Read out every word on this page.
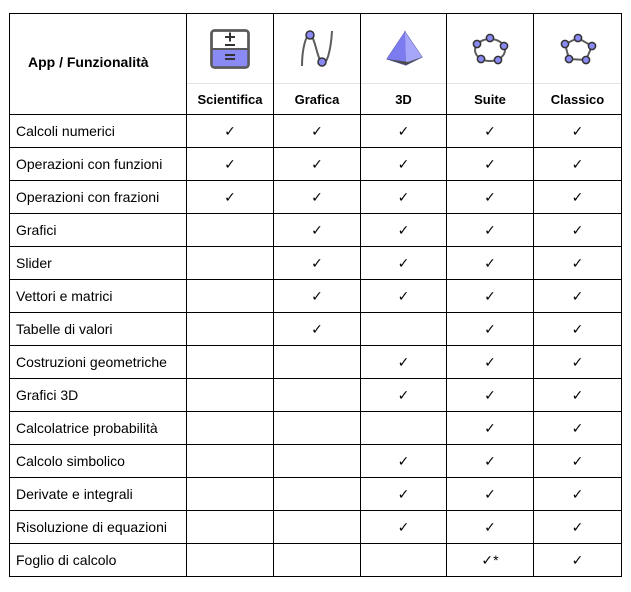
App / Funzionalità	Scientifica	Grafica	3D	Suite	Classico

Calcoli numerici	✓	✓	✓	✓	✓
Operazioni con funzioni	✓	✓	✓	✓	✓
Operazioni con frazioni	✓	✓	✓	✓	✓
Grafici		✓	✓	✓	✓
Slider		✓	✓	✓	✓
Vettori e matrici		✓	✓	✓	✓
Tabelle di valori		✓		✓	✓
Costruzioni geometriche			✓	✓	✓
Grafici 3D			✓	✓	✓
Calcolatrice probabilità				✓	✓
Calcolo simbolico			✓	✓	✓
Derivate e integrali			✓	✓	✓
Risoluzione di equazioni			✓	✓	✓
Foglio di calcolo				✓*	✓
